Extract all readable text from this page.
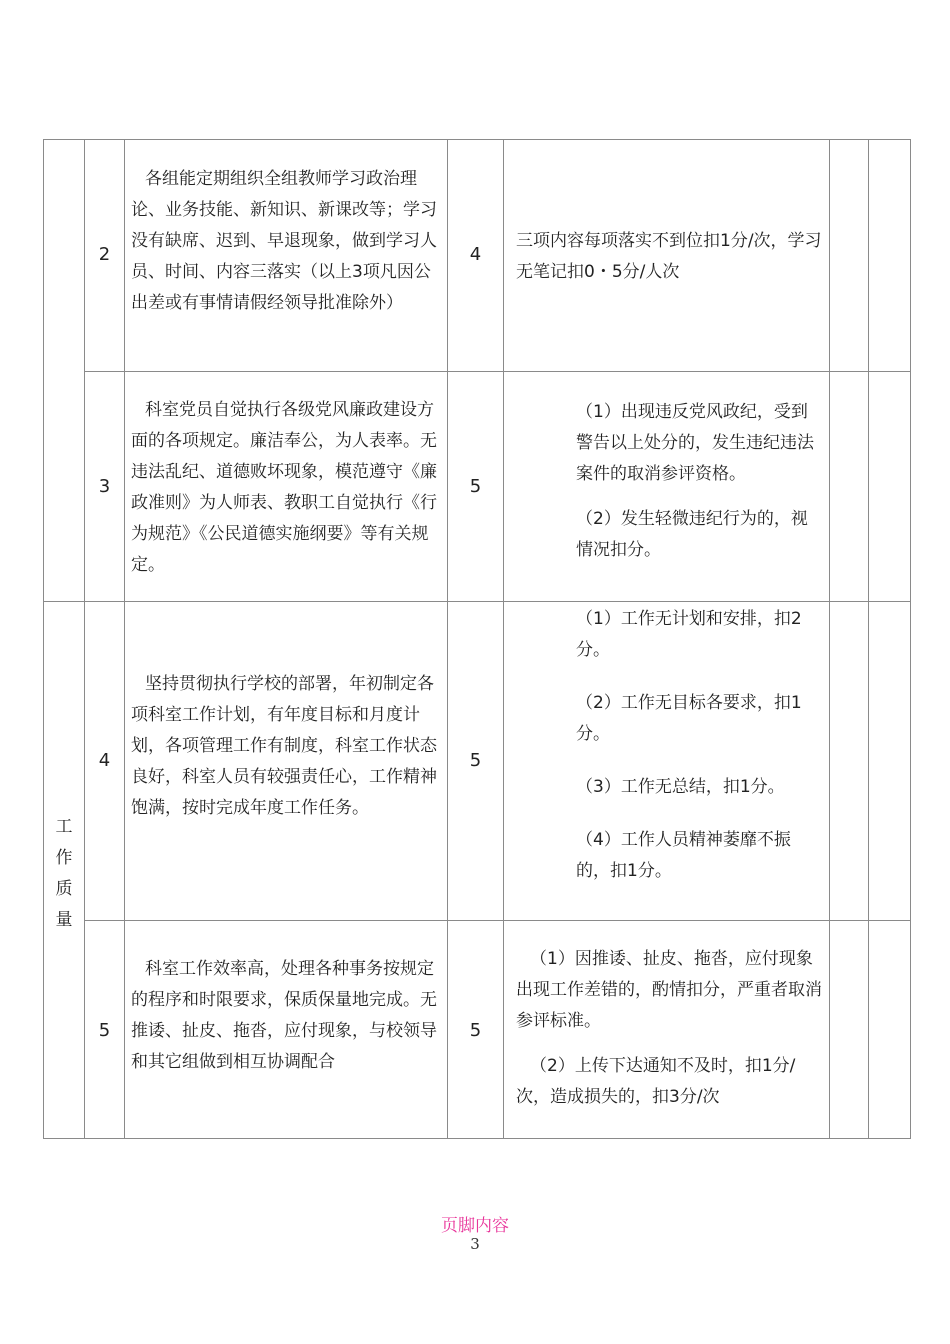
工
作
质
量
2

各组能定期组织全组教师学习政治理论、业务技能、新知识、新课改等；学习没有缺席、迟到、早退现象，做到学习人员、时间、内容三落实（以上3项凡因公出差或有事情请假经领导批准除外）

4

三项内容每项落实不到位扣1分/次，学习无笔记扣0・5分/人次

3

科室党员自觉执行各级党风廉政建设方面的各项规定。廉洁奉公，为人表率。无违法乱纪、道德败坏现象，模范遵守《廉政准则》为人师表、教职工自觉执行《行为规范》《公民道德实施纲要》等有关规定。

5

（1）出现违反党风政纪，受到警告以上处分的，发生违纪违法案件的取消参评资格。

（2）发生轻微违纪行为的，视情况扣分。

4

坚持贯彻执行学校的部署，年初制定各项科室工作计划，有年度目标和月度计划，各项管理工作有制度，科室工作状态良好，科室人员有较强责任心，工作精神饱满，按时完成年度工作任务。

5

（1）工作无计划和安排，扣2分。

（2）工作无目标各要求，扣1分。

（3）工作无总结，扣1分。

（4）工作人员精神萎靡不振的，扣1分。

5

科室工作效率高，处理各种事务按规定的程序和时限要求，保质保量地完成。无推诿、扯皮、拖沓，应付现象，与校领导和其它组做到相互协调配合

5

（1）因推诿、扯皮、拖沓，应付现象出现工作差错的，酌情扣分，严重者取消参评标准。

（2）上传下达通知不及时，扣1分/次，造成损失的，扣3分/次

页脚内容
3
